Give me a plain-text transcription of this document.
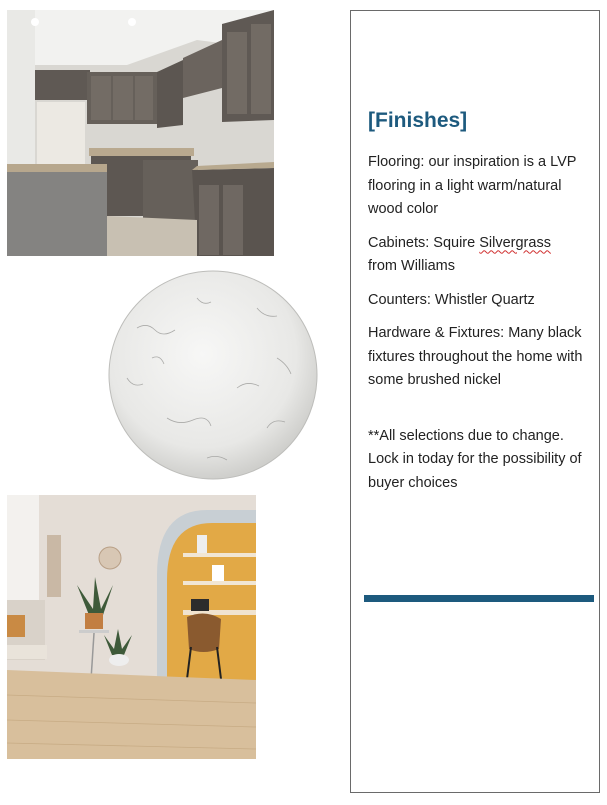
[Finishes]

Flooring: our inspiration is a LVP flooring in a light warm/natural wood color

Cabinets: Squire Silvergrass from Williams

Counters: Whistler Quartz

Hardware & Fixtures: Many black fixtures throughout the home with some brushed nickel

**All selections due to change. Lock in today for the possibility of buyer choices
